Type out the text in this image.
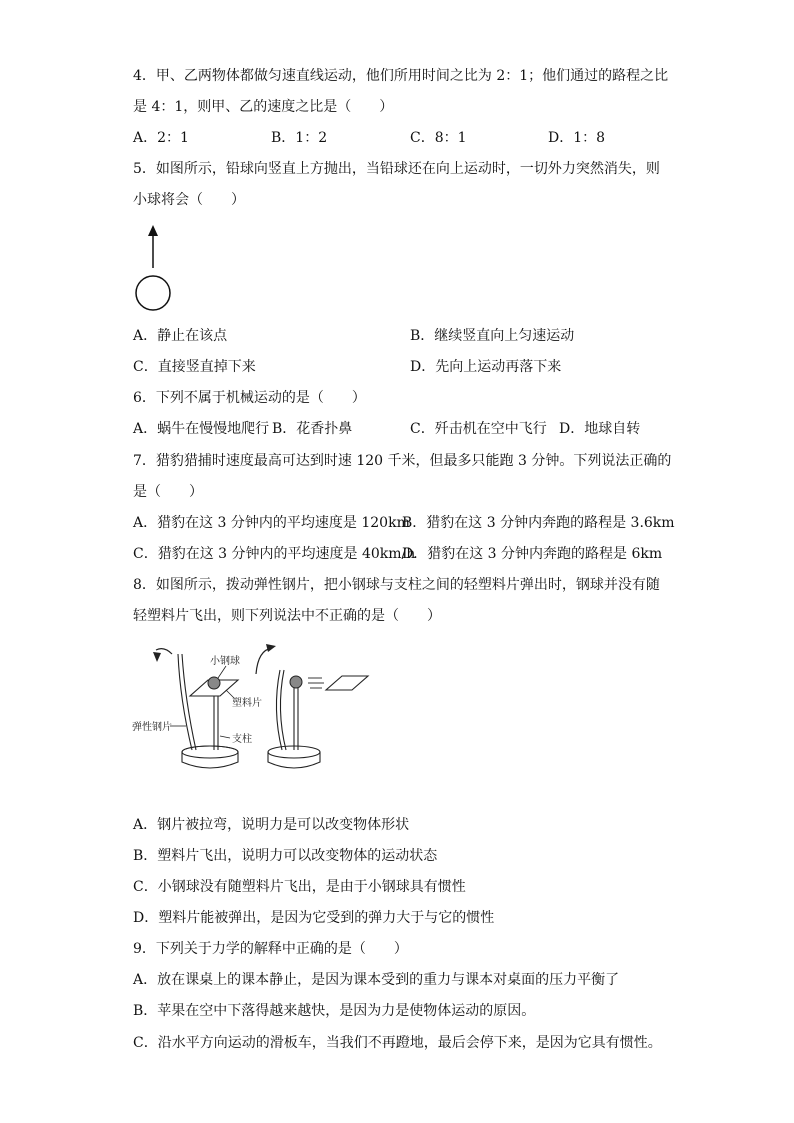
4．甲、乙两物体都做匀速直线运动，他们所用时间之比为 2：1；他们通过的路程之比
是 4：1，则甲、乙的速度之比是（　　）
A．2：1	B．1：2	C．8：1	D．1：8
5．如图所示，铅球向竖直上方抛出，当铅球还在向上运动时，一切外力突然消失，则
小球将会（　　）
A．静止在该点	B．继续竖直向上匀速运动
C．直接竖直掉下来	D．先向上运动再落下来
6．下列不属于机械运动的是（　　）
A．蜗牛在慢慢地爬行 B．花香扑鼻	C．歼击机在空中飞行 D．地球自转
7．猎豹猎捕时速度最高可达到时速 120 千米，但最多只能跑 3 分钟。下列说法正确的
是（　　）
A．猎豹在这 3 分钟内的平均速度是 120km
B．猎豹在这 3 分钟内奔跑的路程是 3.6km
C．猎豹在这 3 分钟内的平均速度是 40km/h
D．猎豹在这 3 分钟内奔跑的路程是 6km
8．如图所示，拨动弹性钢片，把小钢球与支柱之间的轻塑料片弹出时，钢球并没有随
轻塑料片飞出，则下列说法中不正确的是（　　）
小钢球
塑料片
弹性钢片
支柱
A．钢片被拉弯，说明力是可以改变物体形状
B．塑料片飞出，说明力可以改变物体的运动状态
C．小钢球没有随塑料片飞出，是由于小钢球具有惯性
D．塑料片能被弹出，是因为它受到的弹力大于与它的惯性
9．下列关于力学的解释中正确的是（　　）
A．放在课桌上的课本静止，是因为课本受到的重力与课本对桌面的压力平衡了
B．苹果在空中下落得越来越快，是因为力是使物体运动的原因。
C．沿水平方向运动的滑板车，当我们不再蹬地，最后会停下来，是因为它具有惯性。
